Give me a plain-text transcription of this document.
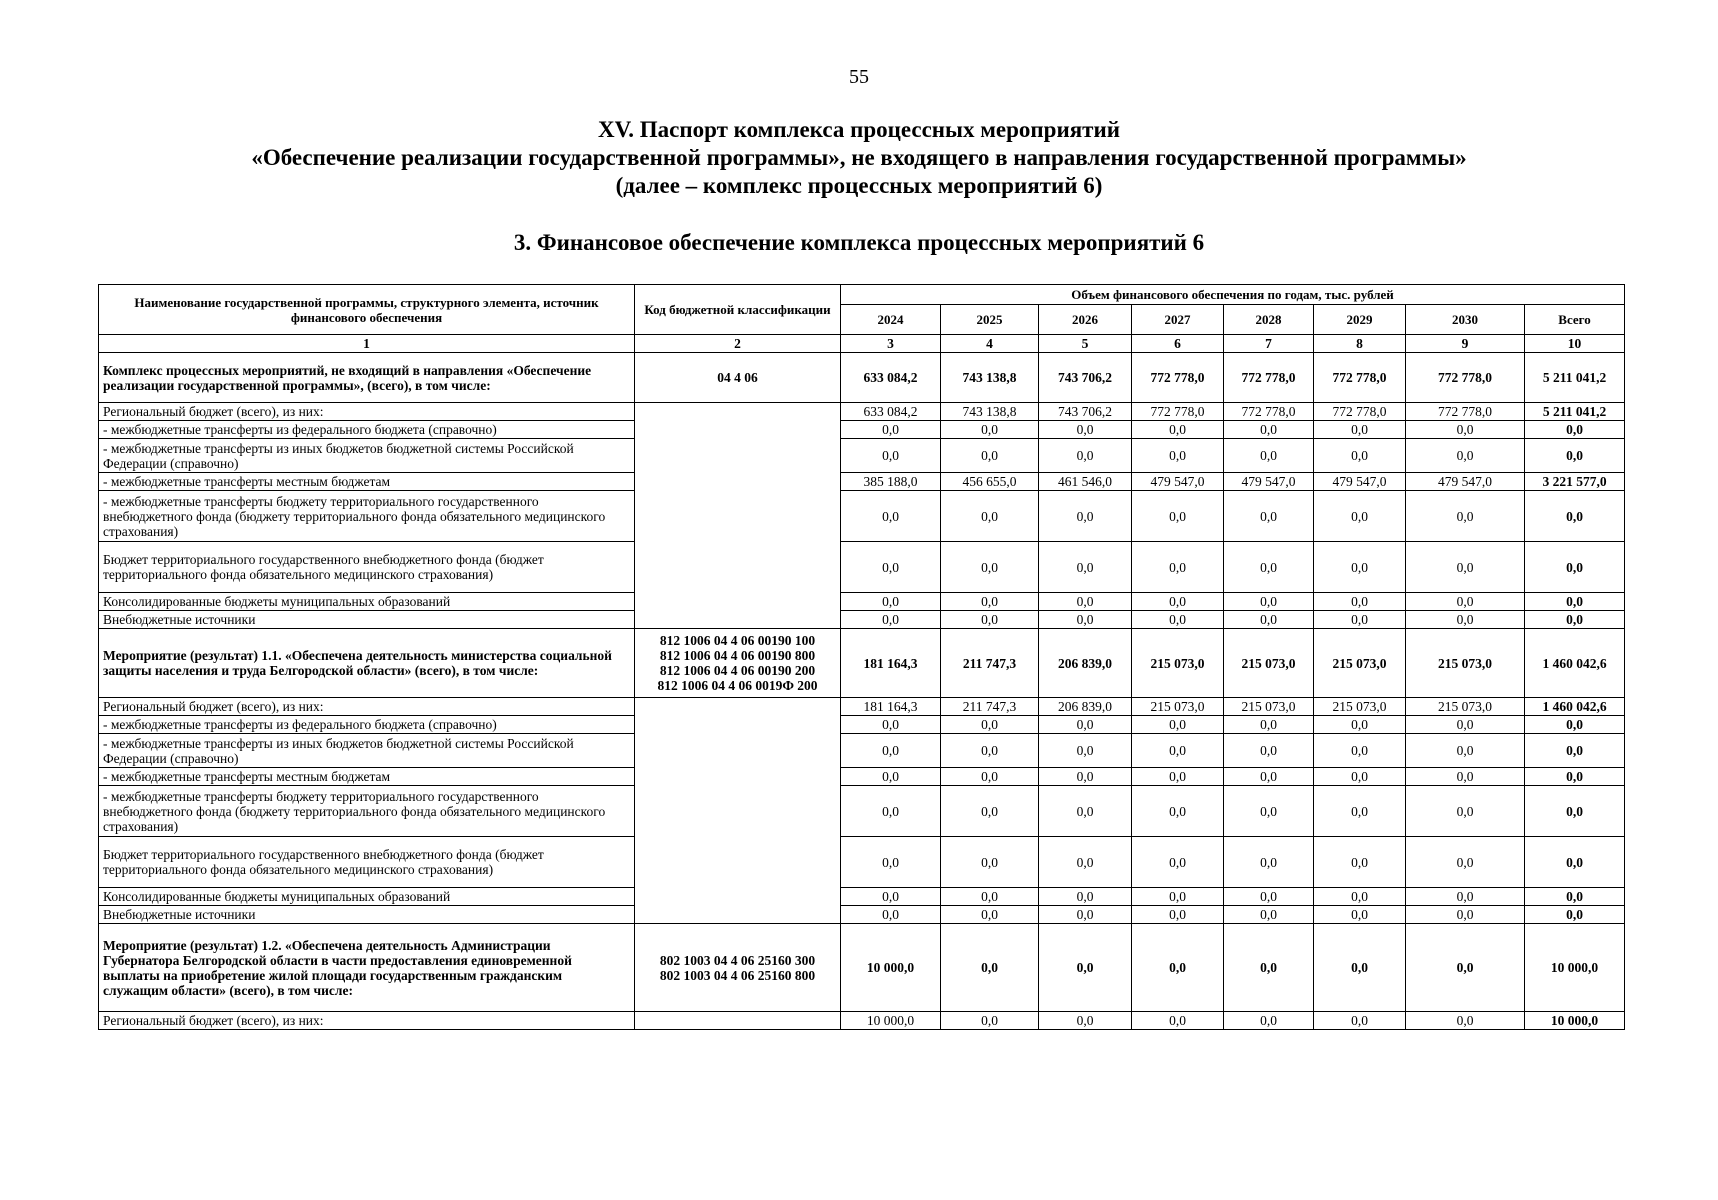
55
XV. Паспорт комплекса процессных мероприятий
«Обеспечение реализации государственной программы», не входящего в направления государственной программы»
(далее – комплекс процессных мероприятий 6)
3. Финансовое обеспечение комплекса процессных мероприятий 6
Наименование государственной программы, структурного элемента, источник финансового обеспечения	Код бюджетной классификации	Объем финансового обеспечения по годам, тыс. рублей							
		2024	2025	2026	2027	2028	2029	2030	Всего
1	2	3	4	5	6	7	8	9	10
Комплекс процессных мероприятий, не входящий в направления «Обеспечение реализации государственной программы», (всего), в том числе:	04 4 06	633 084,2	743 138,8	743 706,2	772 778,0	772 778,0	772 778,0	772 778,0	5 211 041,2
Региональный бюджет (всего), из них:		633 084,2	743 138,8	743 706,2	772 778,0	772 778,0	772 778,0	772 778,0	5 211 041,2
- межбюджетные трансферты из федерального бюджета (справочно)		0,0	0,0	0,0	0,0	0,0	0,0	0,0	0,0
- межбюджетные трансферты из иных бюджетов бюджетной системы Российской Федерации (справочно)		0,0	0,0	0,0	0,0	0,0	0,0	0,0	0,0
- межбюджетные трансферты местным бюджетам		385 188,0	456 655,0	461 546,0	479 547,0	479 547,0	479 547,0	479 547,0	3 221 577,0
- межбюджетные трансферты бюджету территориального государственного внебюджетного фонда (бюджету территориального фонда обязательного медицинского страхования)		0,0	0,0	0,0	0,0	0,0	0,0	0,0	0,0
Бюджет территориального государственного внебюджетного фонда (бюджет территориального фонда обязательного медицинского страхования)		0,0	0,0	0,0	0,0	0,0	0,0	0,0	0,0
Консолидированные бюджеты муниципальных образований		0,0	0,0	0,0	0,0	0,0	0,0	0,0	0,0
Внебюджетные источники		0,0	0,0	0,0	0,0	0,0	0,0	0,0	0,0
Мероприятие (результат) 1.1. «Обеспечена деятельность министерства социальной защиты населения и труда Белгородской области» (всего), в том числе:	812 1006 04 4 06 00190 100
812 1006 04 4 06 00190 800
812 1006 04 4 06 00190 200
812 1006 04 4 06 0019Ф 200	181 164,3	211 747,3	206 839,0	215 073,0	215 073,0	215 073,0	215 073,0	1 460 042,6
Региональный бюджет (всего), из них:		181 164,3	211 747,3	206 839,0	215 073,0	215 073,0	215 073,0	215 073,0	1 460 042,6
- межбюджетные трансферты из федерального бюджета (справочно)		0,0	0,0	0,0	0,0	0,0	0,0	0,0	0,0
- межбюджетные трансферты из иных бюджетов бюджетной системы Российской Федерации (справочно)		0,0	0,0	0,0	0,0	0,0	0,0	0,0	0,0
- межбюджетные трансферты местным бюджетам		0,0	0,0	0,0	0,0	0,0	0,0	0,0	0,0
- межбюджетные трансферты бюджету территориального государственного внебюджетного фонда (бюджету территориального фонда обязательного медицинского страхования)		0,0	0,0	0,0	0,0	0,0	0,0	0,0	0,0
Бюджет территориального государственного внебюджетного фонда (бюджет территориального фонда обязательного медицинского страхования)		0,0	0,0	0,0	0,0	0,0	0,0	0,0	0,0
Консолидированные бюджеты муниципальных образований		0,0	0,0	0,0	0,0	0,0	0,0	0,0	0,0
Внебюджетные источники		0,0	0,0	0,0	0,0	0,0	0,0	0,0	0,0
Мероприятие (результат) 1.2. «Обеспечена деятельность Администрации Губернатора Белгородской области в части предоставления единовременной выплаты на приобретение жилой площади государственным гражданским служащим области» (всего), в том числе:	802 1003 04 4 06 25160 300
802 1003 04 4 06 25160 800	10 000,0	0,0	0,0	0,0	0,0	0,0	0,0	10 000,0
Региональный бюджет (всего), из них:		10 000,0	0,0	0,0	0,0	0,0	0,0	0,0	10 000,0
